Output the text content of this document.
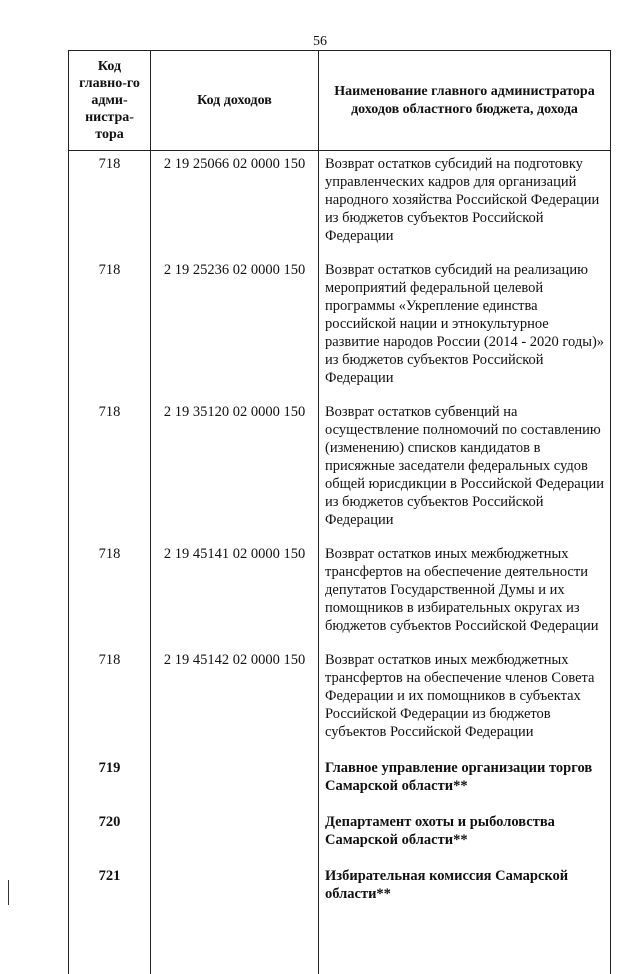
56
Код главно-го адми-нистра-тора	Код доходов	Наименование главного администратора доходов областного бюджета, дохода
718	2 19 25066 02 0000 150	Возврат остатков субсидий на подготовку управленческих кадров для организаций народного хозяйства Российской Федерации из бюджетов субъектов Российской Федерации
718	2 19 25236 02 0000 150	Возврат остатков субсидий на реализацию мероприятий федеральной целевой программы «Укрепление единства российской нации и этнокультурное развитие народов России (2014 - 2020 годы)» из бюджетов субъектов Российской Федерации
718	2 19 35120 02 0000 150	Возврат остатков субвенций на осуществление полномочий по составлению (изменению) списков кандидатов в присяжные заседатели федеральных судов общей юрисдикции в Российской Федерации из бюджетов субъектов Российской Федерации
718	2 19 45141 02 0000 150	Возврат остатков иных межбюджетных трансфертов на обеспечение деятельности депутатов Государственной Думы и их помощников в избирательных округах из бюджетов субъектов Российской Федерации
718	2 19 45142 02 0000 150	Возврат остатков иных межбюджетных трансфертов на обеспечение членов Совета Федерации и их помощников в субъектах Российской Федерации из бюджетов субъектов Российской Федерации
719		Главное управление организации торгов Самарской области**
720		Департамент охоты и рыболовства Самарской области**
721		Избирательная комиссия Самарской области**
